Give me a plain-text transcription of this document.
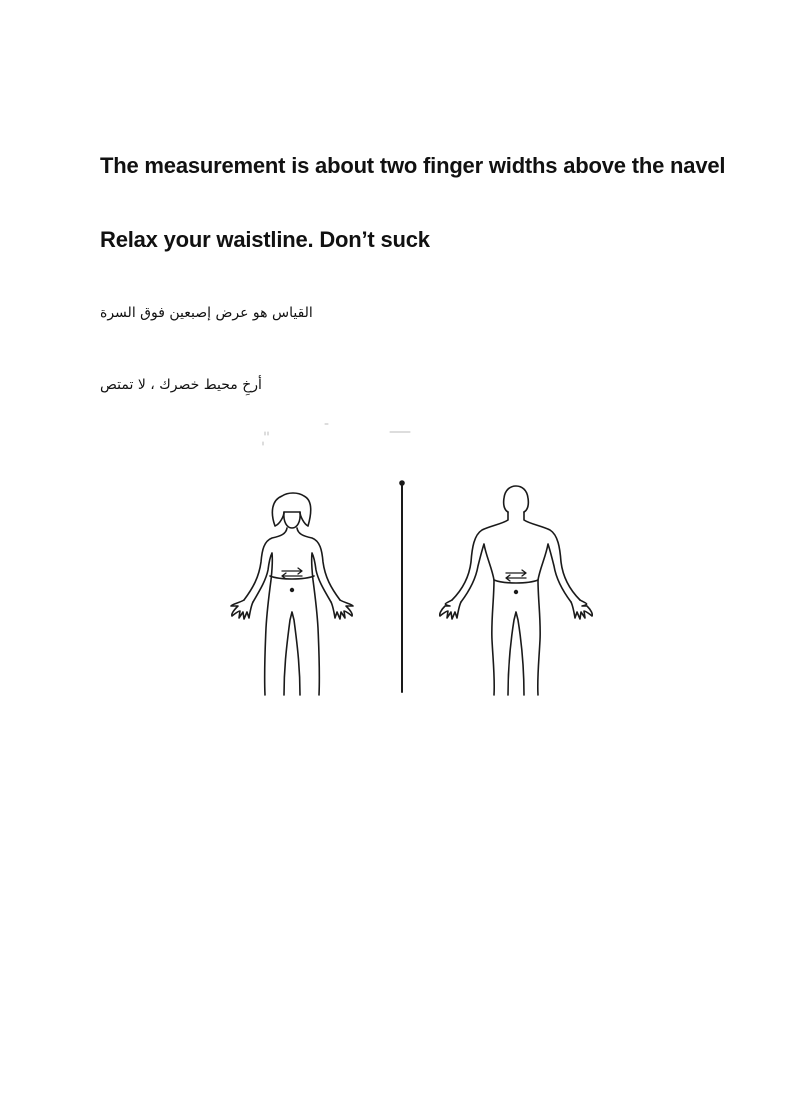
The measurement is about two finger widths above the navel

Relax your waistline. Don’t suck

القياس هو عرض إصبعين فوق السرة

أرخِ محيط خصرك ، لا تمتص
